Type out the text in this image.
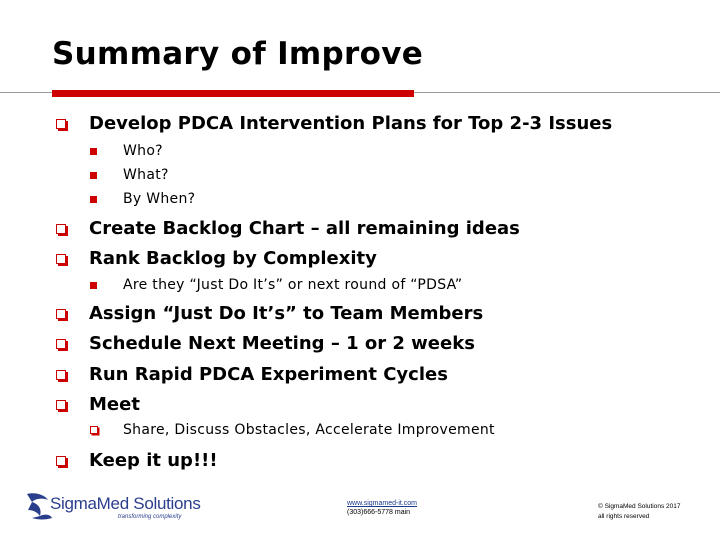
Summary of Improve
Develop PDCA Intervention Plans for Top 2-3 Issues
Who?
What?
By When?
Create Backlog Chart – all remaining ideas
Rank Backlog by Complexity
Are they “Just Do It’s” or next round of “PDSA”
Assign “Just Do It’s” to Team Members
Schedule Next Meeting – 1 or 2 weeks
Run Rapid PDCA Experiment Cycles
Meet
Share, Discuss Obstacles, Accelerate Improvement
Keep it up!!!
SigmaMed Solutions
transforming complexity
www.sigmamed-it.com
(303)666-5778 main
© SigmaMed Solutions 2017
all rights reserved
